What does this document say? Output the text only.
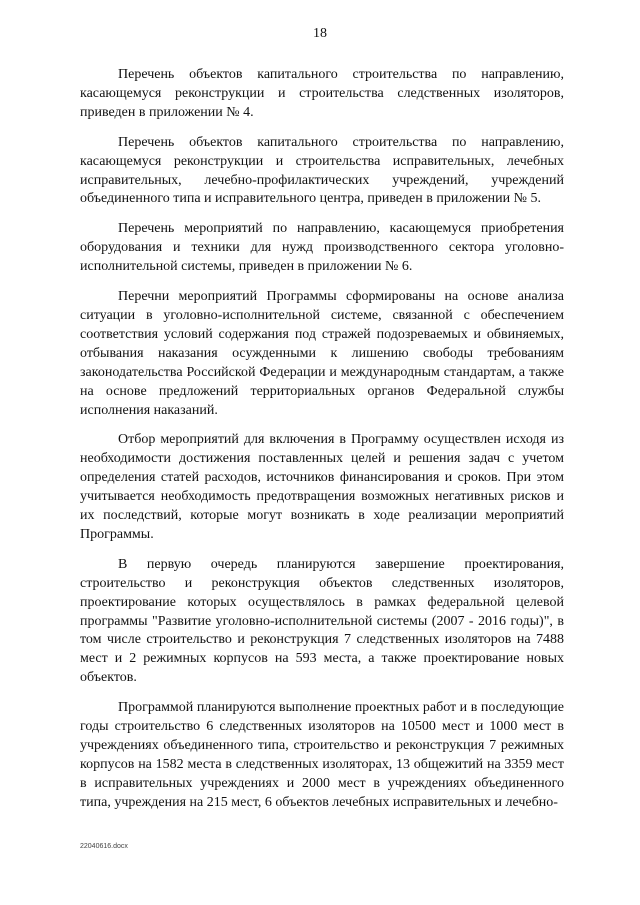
18

Перечень объектов капитального строительства по направлению, касающемуся реконструкции и строительства следственных изоляторов, приведен в приложении № 4.

Перечень объектов капитального строительства по направлению, касающемуся реконструкции и строительства исправительных, лечебных исправительных, лечебно-профилактических учреждений, учреждений объединенного типа и исправительного центра, приведен в приложении № 5.

Перечень мероприятий по направлению, касающемуся приобретения оборудования и техники для нужд производственного сектора уголовно-исполнительной системы, приведен в приложении № 6.

Перечни мероприятий Программы сформированы на основе анализа ситуации в уголовно-исполнительной системе, связанной с обеспечением соответствия условий содержания под стражей подозреваемых и обвиняемых, отбывания наказания осужденными к лишению свободы требованиям законодательства Российской Федерации и международным стандартам, а также на основе предложений территориальных органов Федеральной службы исполнения наказаний.

Отбор мероприятий для включения в Программу осуществлен исходя из необходимости достижения поставленных целей и решения задач с учетом определения статей расходов, источников финансирования и сроков. При этом учитывается необходимость предотвращения возможных негативных рисков и их последствий, которые могут возникать в ходе реализации мероприятий Программы.

В первую очередь планируются завершение проектирования, строительство и реконструкция объектов следственных изоляторов, проектирование которых осуществлялось в рамках федеральной целевой программы "Развитие уголовно-исполнительной системы (2007 - 2016 годы)", в том числе строительство и реконструкция 7 следственных изоляторов на 7488 мест и 2 режимных корпусов на 593 места, а также проектирование новых объектов.

Программой планируются выполнение проектных работ и в последующие годы строительство 6 следственных изоляторов на 10500 мест и 1000 мест в учреждениях объединенного типа, строительство и реконструкция 7 режимных корпусов на 1582 места в следственных изоляторах, 13 общежитий на 3359 мест в исправительных учреждениях и 2000 мест в учреждениях объединенного типа, учреждения на 215 мест, 6 объектов лечебных исправительных и лечебно-

22040616.docx
